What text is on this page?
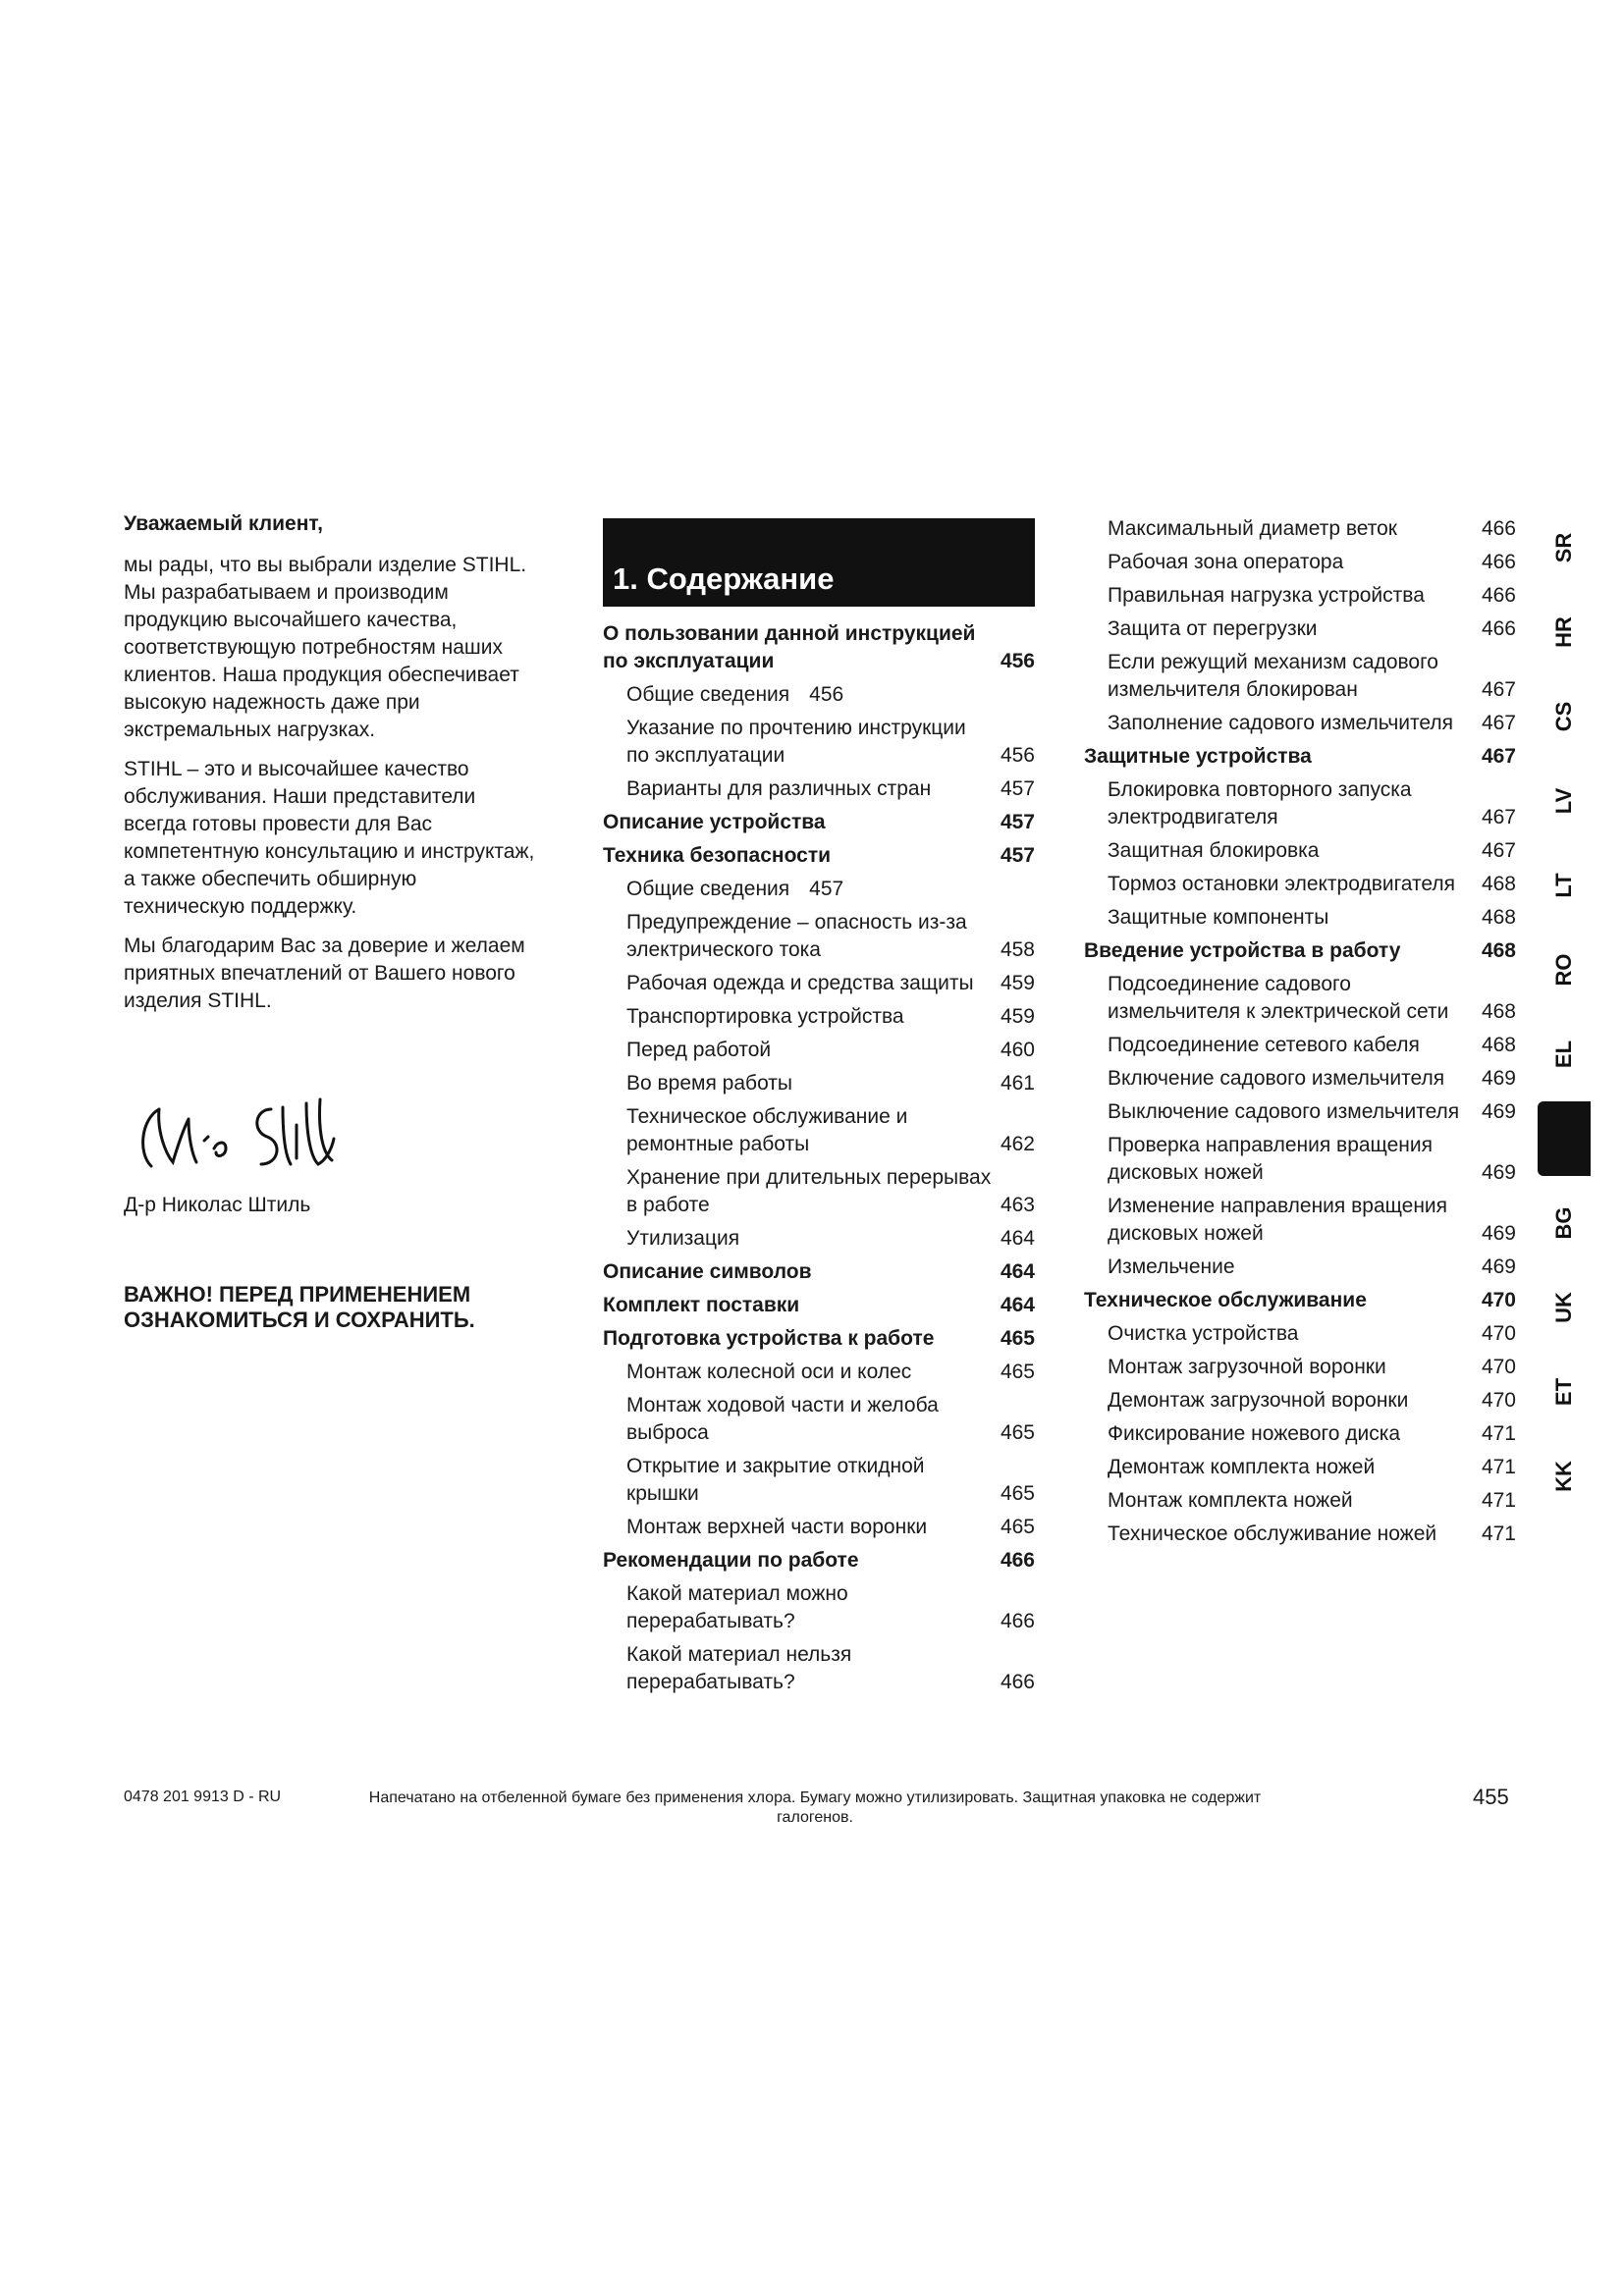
Уважаемый клиент,

мы рады, что вы выбрали изделие STIHL. Мы разрабатываем и производим продукцию высочайшего качества, соответствующую потребностям наших клиентов. Наша продукция обеспечивает высокую надежность даже при экстремальных нагрузках.

STIHL – это и высочайшее качество обслуживания. Наши представители всегда готовы провести для Вас компетентную консультацию и инструктаж, а также обеспечить обширную техническую поддержку.

Мы благодарим Вас за доверие и желаем приятных впечатлений от Вашего нового изделия STIHL.

Д-р Николас Штиль
ВАЖНО! ПЕРЕД ПРИМЕНЕНИЕМ ОЗНАКОМИТЬСЯ И СОХРАНИТЬ.
1. Содержание
О пользовании данной инструкцией по эксплуатации	456
Общие сведения 456
Указание по прочтению инструкции по эксплуатации	456
Варианты для различных стран	457
Описание устройства	457
Техника безопасности	457
Общие сведения 457
Предупреждение – опасность из-за электрического тока	458
Рабочая одежда и средства защиты	459
Транспортировка устройства	459
Перед работой	460
Во время работы	461
Техническое обслуживание и ремонтные работы	462
Хранение при длительных перерывах в работе	463
Утилизация	464
Описание символов	464
Комплект поставки	464
Подготовка устройства к работе	465
Монтаж колесной оси и колес	465
Монтаж ходовой части и желоба выброса	465
Открытие и закрытие откидной крышки	465
Монтаж верхней части воронки	465
Рекомендации по работе	466
Какой материал можно перерабатывать?	466
Какой материал нельзя перерабатывать?	466
Максимальный диаметр веток	466
Рабочая зона оператора	466
Правильная нагрузка устройства	466
Защита от перегрузки	466
Если режущий механизм садового измельчителя блокирован	467
Заполнение садового измельчителя	467
Защитные устройства	467
Блокировка повторного запуска электродвигателя	467
Защитная блокировка	467
Тормоз остановки электродвигателя	468
Защитные компоненты	468
Введение устройства в работу	468
Подсоединение садового измельчителя к электрической сети	468
Подсоединение сетевого кабеля	468
Включение садового измельчителя	469
Выключение садового измельчителя	469
Проверка направления вращения дисковых ножей	469
Изменение направления вращения дисковых ножей	469
Измельчение	469
Техническое обслуживание	470
Очистка устройства	470
Монтаж загрузочной воронки	470
Демонтаж загрузочной воронки	470
Фиксирование ножевого диска	471
Демонтаж комплекта ножей	471
Монтаж комплекта ножей	471
Техническое обслуживание ножей	471
SR
HR
CS
LV
LT
RO
EL
BG
UK
ET
KK
0478 201 9913 D - RU	Напечатано на отбеленной бумаге без применения хлора. Бумагу можно утилизировать. Защитная упаковка не содержит галогенов.
455
